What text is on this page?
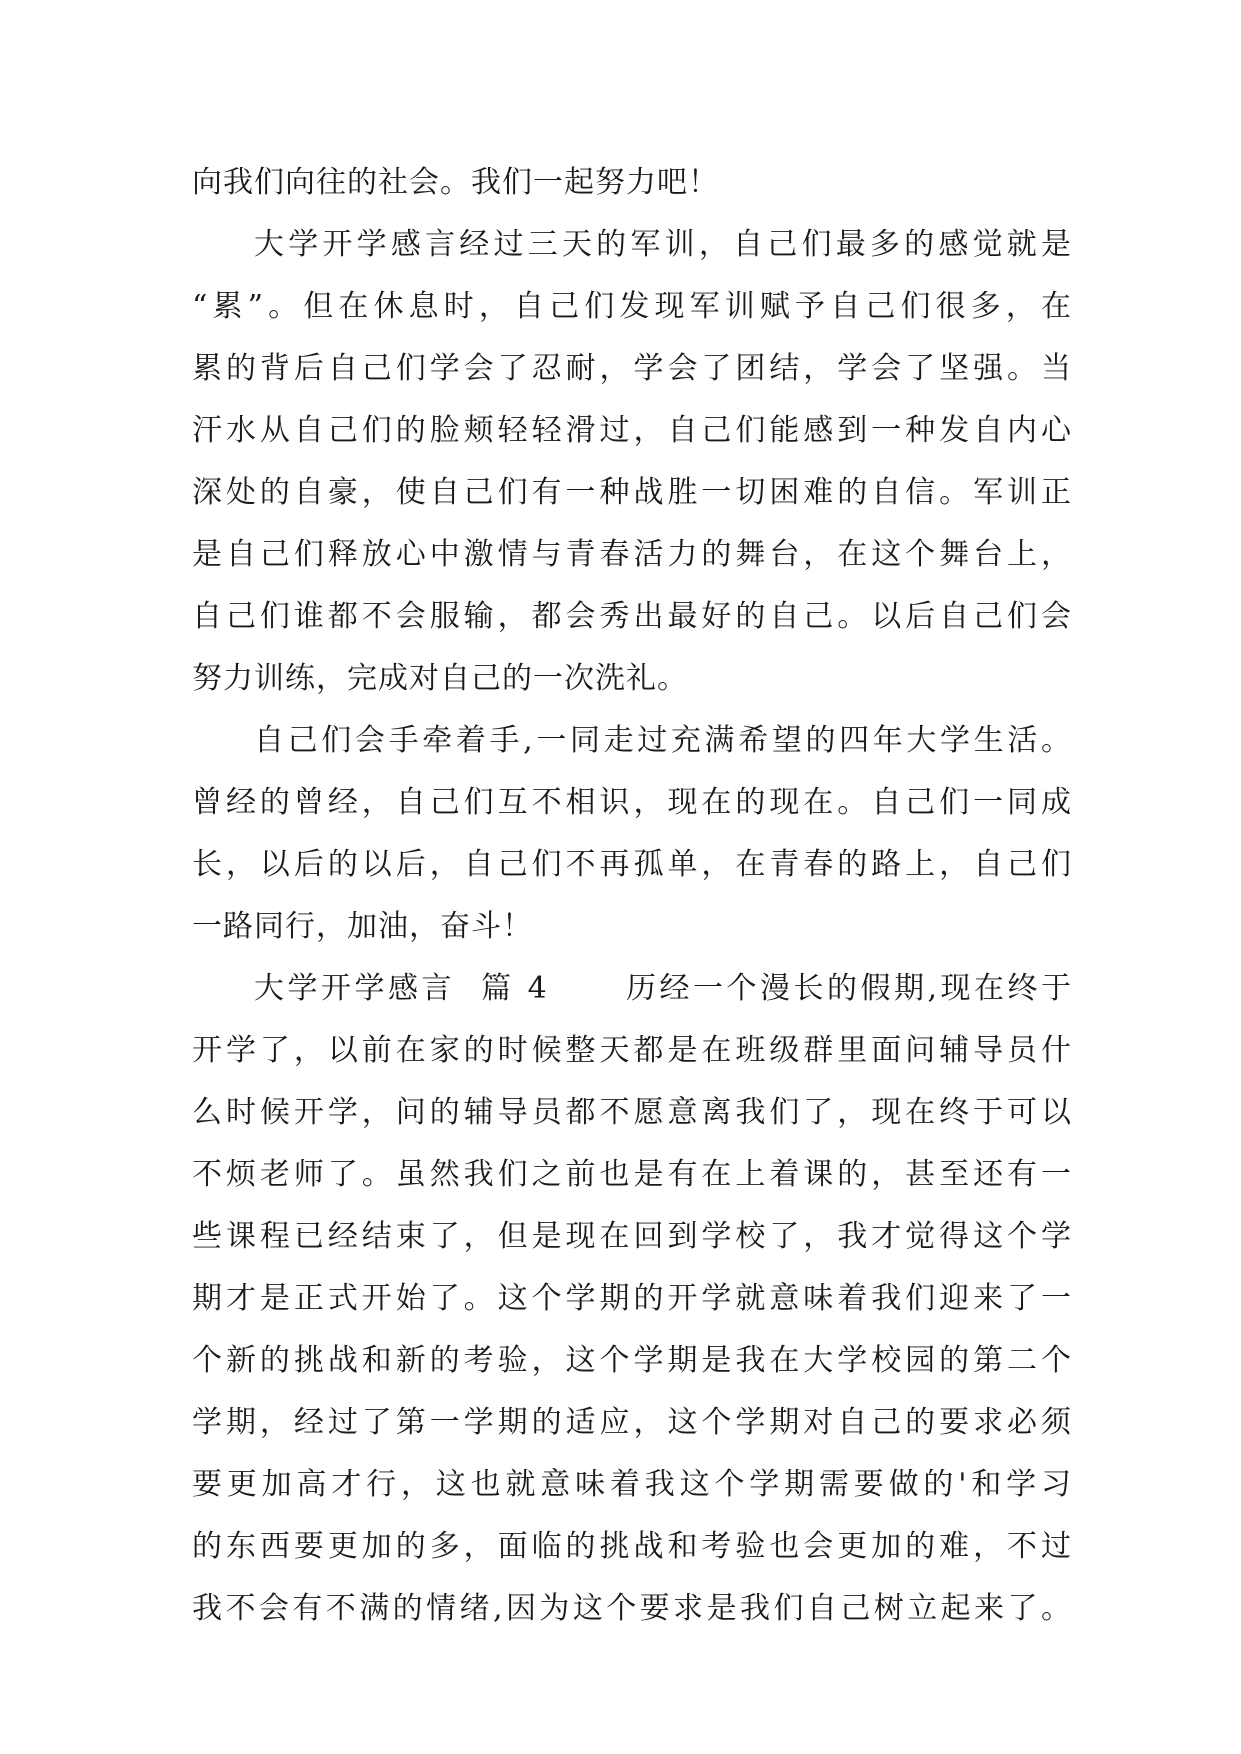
向我们向往的社会。我们一起努力吧！
大学开学感言经过三天的军训，自己们最多的感觉就是
“累”。但在休息时，自己们发现军训赋予自己们很多，在
累的背后自己们学会了忍耐，学会了团结，学会了坚强。当
汗水从自己们的脸颊轻轻滑过，自己们能感到一种发自内心
深处的自豪，使自己们有一种战胜一切困难的自信。军训正
是自己们释放心中激情与青春活力的舞台，在这个舞台上，
自己们谁都不会服输，都会秀出最好的自己。以后自己们会
努力训练，完成对自己的一次洗礼。
自己们会手牵着手,一同走过充满希望的四年大学生活。
曾经的曾经，自己们互不相识，现在的现在。自己们一同成
长，以后的以后，自己们不再孤单，在青春的路上，自己们
一路同行，加油，奋斗！
大学开学感言  篇 4      历经一个漫长的假期,现在终于
开学了，以前在家的时候整天都是在班级群里面问辅导员什
么时候开学，问的辅导员都不愿意离我们了，现在终于可以
不烦老师了。虽然我们之前也是有在上着课的，甚至还有一
些课程已经结束了，但是现在回到学校了，我才觉得这个学
期才是正式开始了。这个学期的开学就意味着我们迎来了一
个新的挑战和新的考验，这个学期是我在大学校园的第二个
学期，经过了第一学期的适应，这个学期对自己的要求必须
要更加高才行，这也就意味着我这个学期需要做的'和学习
的东西要更加的多，面临的挑战和考验也会更加的难，不过
我不会有不满的情绪,因为这个要求是我们自己树立起来了。
